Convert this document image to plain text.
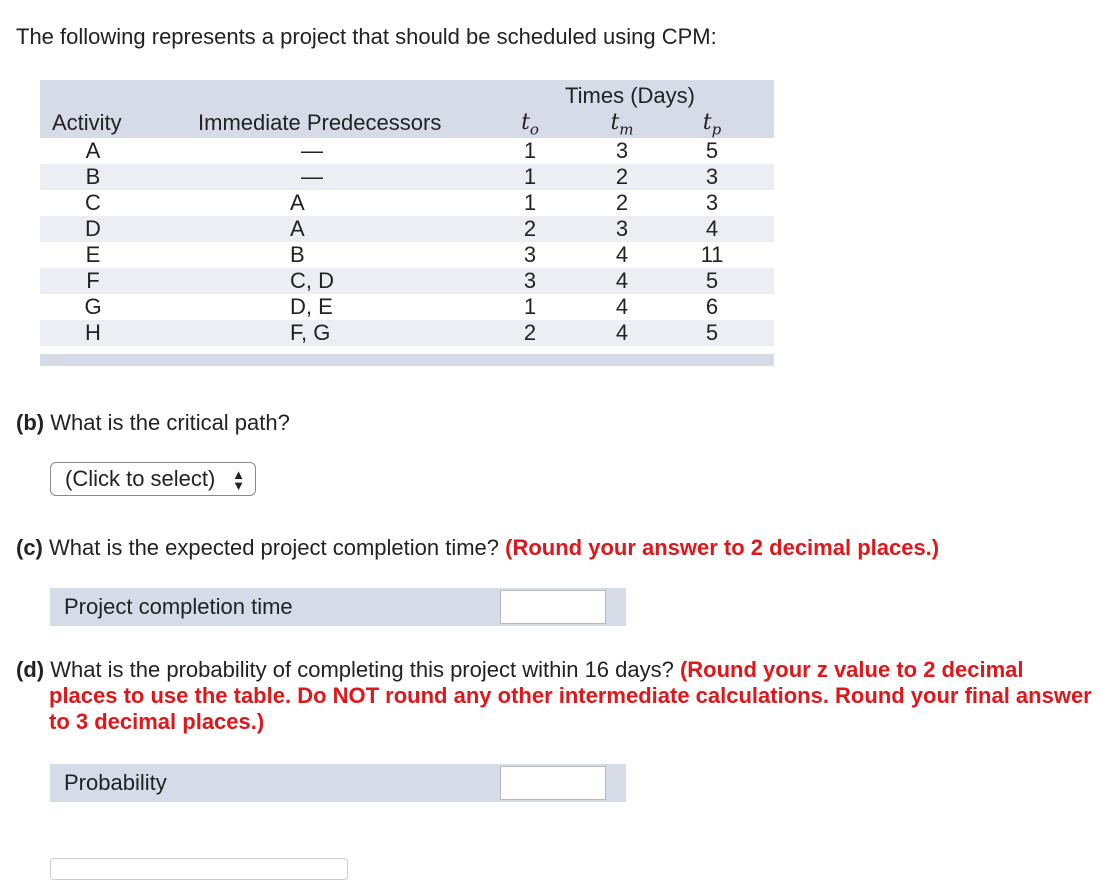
The following represents a project that should be scheduled using CPM:
Times (Days)
Activity	Immediate Predecessors	$t_o$	$t_m$	$t_p$
A	—	1	3	5
B	—	1	2	3
C	A	1	2	3
D	A	2	3	4
E	B	3	4	11
F	C, D	3	4	5
G	D, E	1	4	6
H	F, G	2	4	5
(b) What is the critical path?
(Click to select) ▲
▼
(c) What is the expected project completion time? (Round your answer to 2 decimal places.)
Project completion time
(d) What is the probability of completing this project within 16 days? (Round your z value to 2 decimal
places to use the table. Do NOT round any other intermediate calculations. Round your final answer to 3 decimal places.)
Probability
